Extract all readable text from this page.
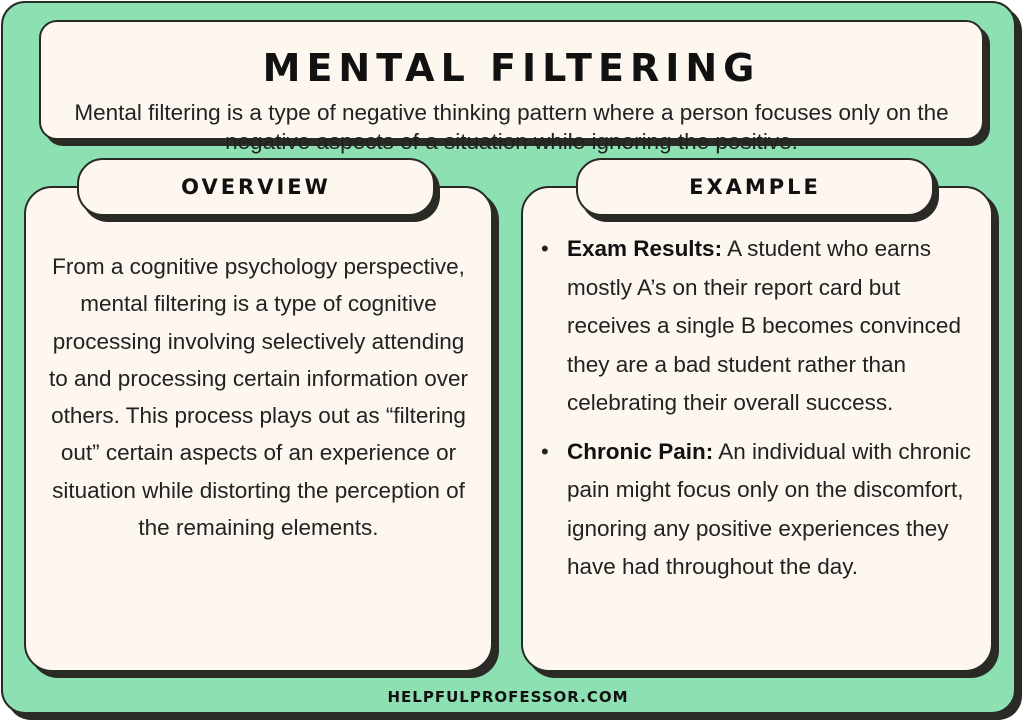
MENTAL FILTERING
Mental filtering is a type of negative thinking pattern where a person focuses only on the negative aspects of a situation while ignoring the positive.
From a cognitive psychology perspective, mental filtering is a type of cognitive processing involving selectively attending to and processing certain information over others. This process plays out as “filtering out” certain aspects of an experience or situation while distorting the perception of the remaining elements.
OVERVIEW
• Exam Results: A student who earns mostly A’s on their report card but receives a single B becomes convinced they are a bad student rather than celebrating their overall success.
• Chronic Pain: An individual with chronic pain might focus only on the discomfort, ignoring any positive experiences they have had throughout the day.
EXAMPLE
HELPFULPROFESSOR.COM
